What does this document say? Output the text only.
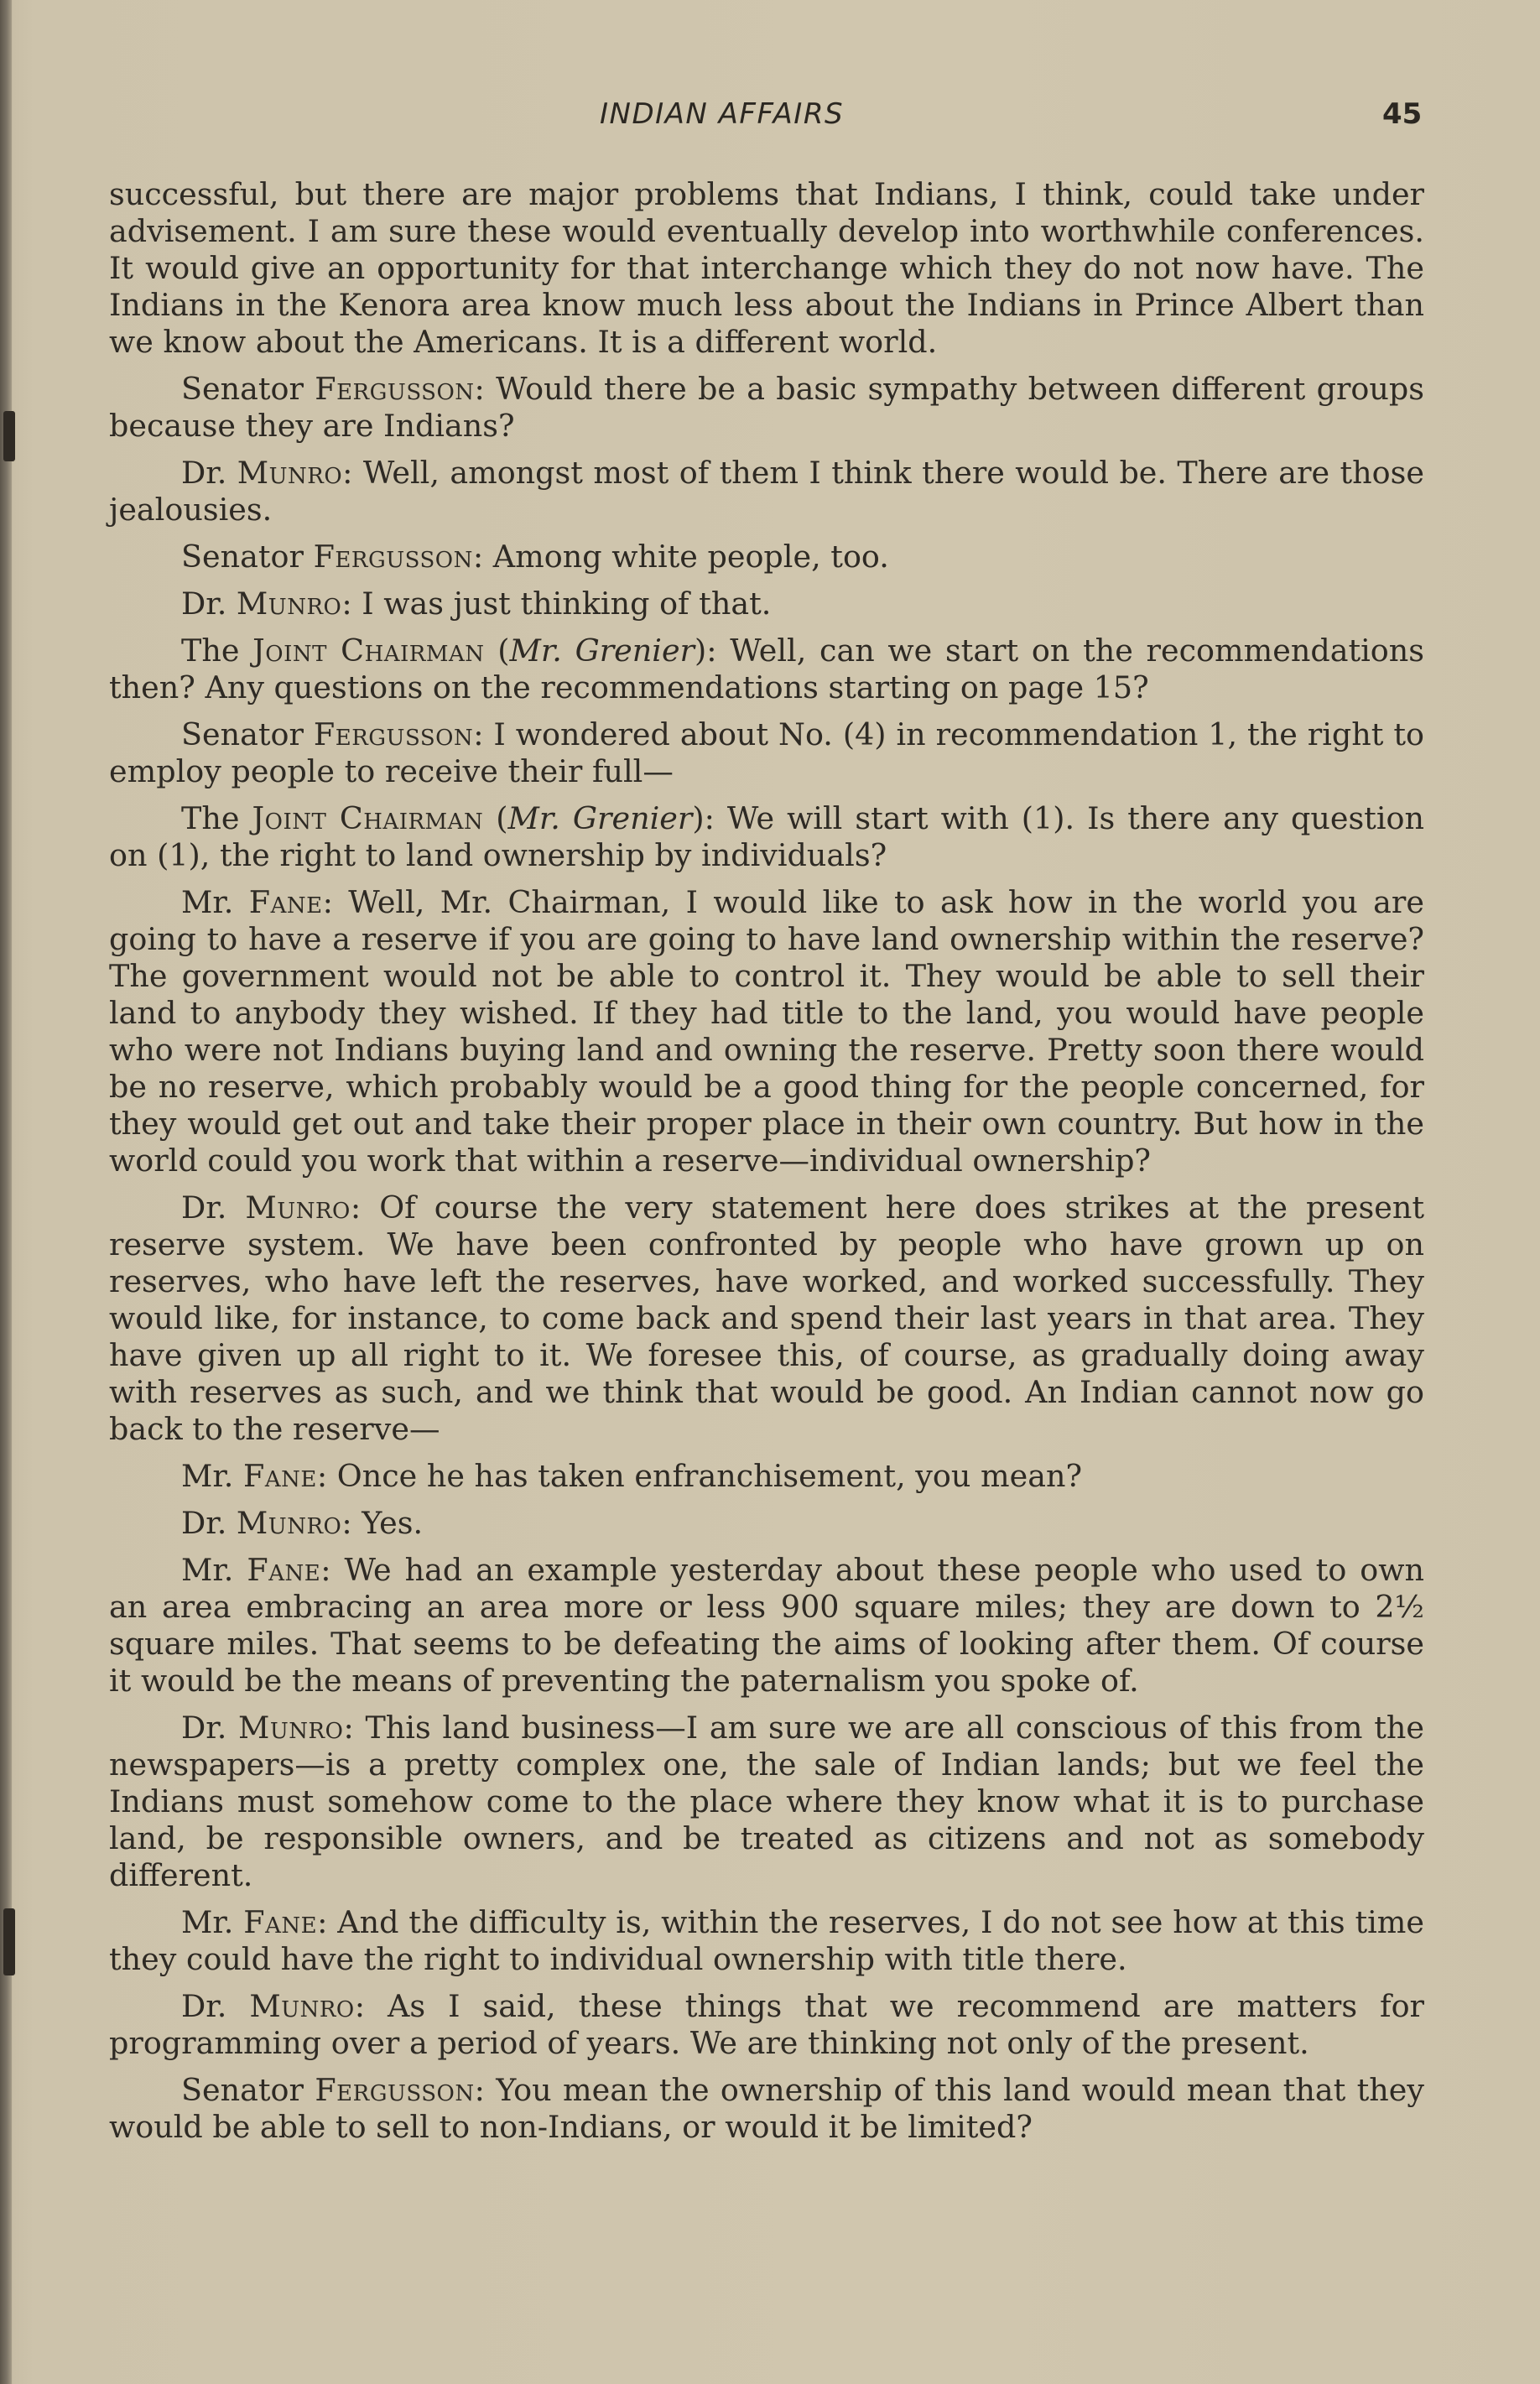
INDIAN AFFAIRS	45

successful, but there are major problems that Indians, I think, could take under advisement. I am sure these would eventually develop into worthwhile conferences. It would give an opportunity for that interchange which they do not now have. The Indians in the Kenora area know much less about the Indians in Prince Albert than we know about the Americans. It is a different world.

Senator Fergusson: Would there be a basic sympathy between different groups because they are Indians?

Dr. Munro: Well, amongst most of them I think there would be. There are those jealousies.

Senator Fergusson: Among white people, too.

Dr. Munro: I was just thinking of that.

The Joint Chairman (Mr. Grenier): Well, can we start on the recommendations then? Any questions on the recommendations starting on page 15?

Senator Fergusson: I wondered about No. (4) in recommendation 1, the right to employ people to receive their full—

The Joint Chairman (Mr. Grenier): We will start with (1). Is there any question on (1), the right to land ownership by individuals?

Mr. Fane: Well, Mr. Chairman, I would like to ask how in the world you are going to have a reserve if you are going to have land ownership within the reserve? The government would not be able to control it. They would be able to sell their land to anybody they wished. If they had title to the land, you would have people who were not Indians buying land and owning the reserve. Pretty soon there would be no reserve, which probably would be a good thing for the people concerned, for they would get out and take their proper place in their own country. But how in the world could you work that within a reserve—individual ownership?

Dr. Munro: Of course the very statement here does strikes at the present reserve system. We have been confronted by people who have grown up on reserves, who have left the reserves, have worked, and worked successfully. They would like, for instance, to come back and spend their last years in that area. They have given up all right to it. We foresee this, of course, as gradually doing away with reserves as such, and we think that would be good. An Indian cannot now go back to the reserve—

Mr. Fane: Once he has taken enfranchisement, you mean?

Dr. Munro: Yes.

Mr. Fane: We had an example yesterday about these people who used to own an area embracing an area more or less 900 square miles; they are down to 2½ square miles. That seems to be defeating the aims of looking after them. Of course it would be the means of preventing the paternalism you spoke of.

Dr. Munro: This land business—I am sure we are all conscious of this from the newspapers—is a pretty complex one, the sale of Indian lands; but we feel the Indians must somehow come to the place where they know what it is to purchase land, be responsible owners, and be treated as citizens and not as somebody different.

Mr. Fane: And the difficulty is, within the reserves, I do not see how at this time they could have the right to individual ownership with title there.

Dr. Munro: As I said, these things that we recommend are matters for programming over a period of years. We are thinking not only of the present.

Senator Fergusson: You mean the ownership of this land would mean that they would be able to sell to non-Indians, or would it be limited?
